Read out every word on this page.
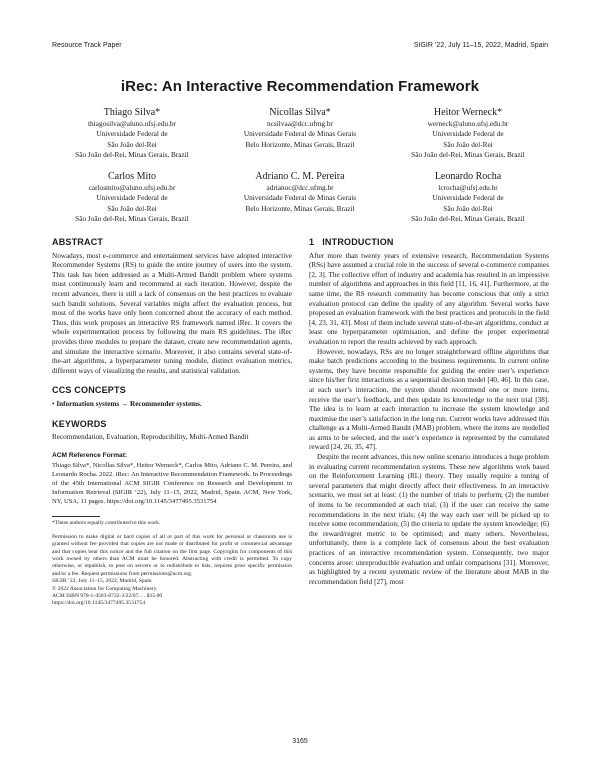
Resource Track Paper	SIGIR ’22, July 11–15, 2022, Madrid, Spain
iRec: An Interactive Recommendation Framework
Thiago Silva*
thiagosilva@aluno.ufsj.edu.br
Universidade Federal de
São João del-Rei
São João del-Rei, Minas Gerais, Brazil
Nicollas Silva*
ncsilvaa@dcc.ufmg.br
Universidade Federal de Minas Gerais
Belo Horizonte, Minas Gerais, Brazil
Heitor Werneck*
werneck@aluno.ufsj.edu.br
Universidade Federal de
São João del-Rei
São João del-Rei, Minas Gerais, Brazil
Carlos Mito
carlosmito@aluno.ufsj.edu.br
Universidade Federal de
São João del-Rei
São João del-Rei, Minas Gerais, Brazil
Adriano C. M. Pereira
adrianoc@dcc.ufmg.br
Universidade Federal de Minas Gerais
Belo Horizonte, Minas Gerais, Brazil
Leonardo Rocha
lcrocha@ufsj.edu.br
Universidade Federal de
São João del-Rei
São João del-Rei, Minas Gerais, Brazil
ABSTRACT

Nowadays, most e-commerce and entertainment services have adopted interactive Recommender Systems (RS) to guide the entire journey of users into the system. This task has been addressed as a Multi-Armed Bandit problem where systems must continuously learn and recommend at each iteration. However, despite the recent advances, there is still a lack of consensus on the best practices to evaluate such bandit solutions. Several variables might affect the evaluation process, but most of the works have only been concerned about the accuracy of each method. Thus, this work proposes an interactive RS framework named iRec. It covers the whole experimentation process by following the main RS guidelines. The iRec provides three modules to prepare the dataset, create new recommendation agents, and simulate the interactive scenario. Moreover, it also contains several state-of-the-art algorithms, a hyperparameter tuning module, distinct evaluation metrics, different ways of visualizing the results, and statistical validation.

CCS CONCEPTS
• Information systems → Recommender systems.
KEYWORDS

Recommendation, Evaluation, Reproducibility, Multi-Armed Bandit

ACM Reference Format:

Thiago Silva*, Nicollas Silva*, Heitor Werneck*, Carlos Mito, Adriano C. M. Pereira, and Leonardo Rocha. 2022. iRec: An Interactive Recommendation Framework. In Proceedings of the 45th International ACM SIGIR Conference on Research and Development in Information Retrieval (SIGIR ’22), July 11–15, 2022, Madrid, Spain. ACM, New York, NY, USA, 11 pages. https://doi.org/10.1145/3477495.3531754

*These authors equally contributed to this work.

Permission to make digital or hard copies of all or part of this work for personal or classroom use is granted without fee provided that copies are not made or distributed for profit or commercial advantage and that copies bear this notice and the full citation on the first page. Copyrights for components of this work owned by others than ACM must be honored. Abstracting with credit is permitted. To copy otherwise, or republish, to post on servers or to redistribute to lists, requires prior specific permission and/or a fee. Request permissions from permissions@acm.org.

SIGIR ’22, July 11–15, 2022, Madrid, Spain
© 2022 Association for Computing Machinery.
ACM ISBN 978-1-4503-8732-3/22/07. . . $15.00
https://doi.org/10.1145/3477495.3531754
1 INTRODUCTION

After more than twenty years of extensive research, Recommendation Systems (RSs) have assumed a crucial role in the success of several e-commerce companies [2, 3]. The collective effort of industry and academia has resulted in an impressive number of algorithms and approaches in this field [11, 16, 41]. Furthermore, at the same time, the RS research community has become conscious that only a strict evaluation protocol can define the quality of any algorithm. Several works have proposed an evaluation framework with the best practices and protocols in the field [4, 23, 31, 43]. Most of them include several state-of-the-art algorithms, conduct at least one hyperparameter optimisation, and define the proper experimental evaluation to report the results achieved by each approach.

However, nowadays, RSs are no longer straightforward offline algorithms that make batch predictions according to the business requirements. In current online systems, they have become responsible for guiding the entire user’s experience since his/her first interactions as a sequential decision model [40, 46]. In this case, at each user’s interaction, the system should recommend one or more items, receive the user’s feedback, and then update its knowledge to the next trial [38]. The idea is to learn at each interaction to increase the system knowledge and maximise the user’s satisfaction in the long run. Current works have addressed this challenge as a Multi-Armed Bandit (MAB) problem, where the items are modelled as arms to be selected, and the user’s experience is represented by the cumulated reward [24, 26, 35, 47].

Despite the recent advances, this new online scenario introduces a huge problem in evaluating current recommendation systems. These new algorithms work based on the Reinforcement Learning (RL) theory. They usually require a tuning of several parameters that might directly affect their effectiveness. In an interactive scenario, we must set at least: (1) the number of trials to perform; (2) the number of items to be recommended at each trial; (3) if the user can receive the same recommendations in the next trials; (4) the way each user will be picked up to receive some recommendation; (5) the criteria to update the system knowledge; (6) the reward/regret metric to be optimised; and many others. Nevertheless, unfortunately, there is a complete lack of consensus about the best evaluation practices of an interactive recommendation system. Consequently, two major concerns arose: unreproducible evaluation and unfair comparisons [31]. Moreover, as highlighted by a recent systematic review of the literature about MAB in the recommendation field [27], most

3165
